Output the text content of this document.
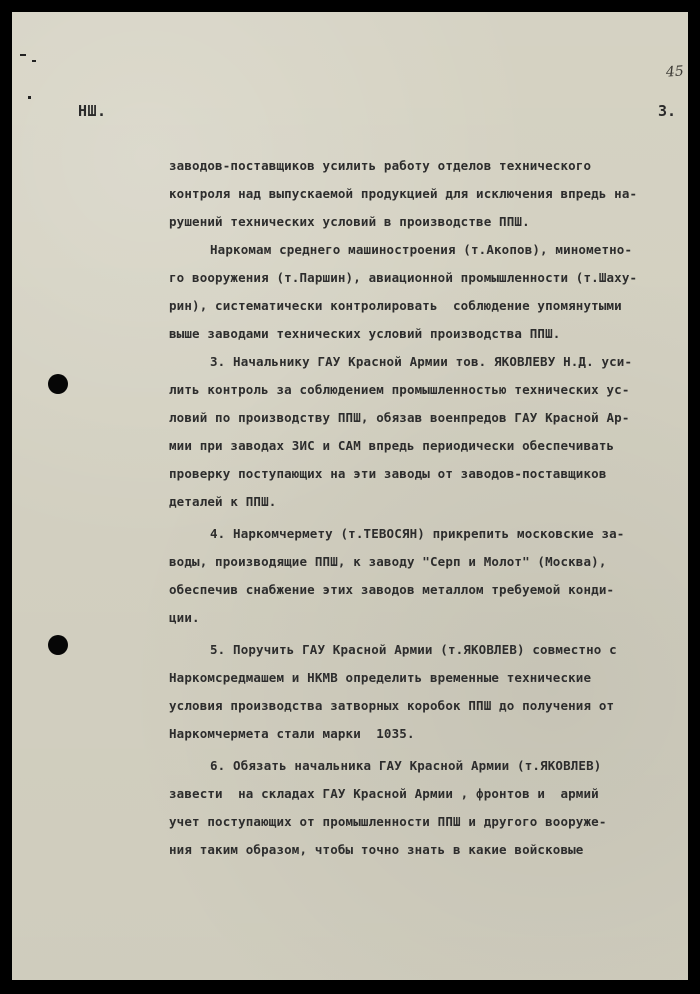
45
НШ.	3.
заводов-поставщиков усилить работу отделов технического
контроля над выпускаемой продукцией для исключения впредь на-
рушений технических условий в производстве ППШ.
Наркомам среднего машиностроения (т.Акопов), минометно-
го вооружения (т.Паршин), авиационной промышленности (т.Шаху-
рин), систематически контролировать  соблюдение упомянутыми
выше заводами технических условий производства ППШ.
3. Начальнику ГАУ Красной Армии тов. ЯКОВЛЕВУ Н.Д. уси-
лить контроль за соблюдением промышленностью технических ус-
ловий по производству ППШ, обязав военпредов ГАУ Красной Ар-
мии при заводах ЗИС и САМ впредь периодически обеспечивать
проверку поступающих на эти заводы от заводов-поставщиков
деталей к ППШ.
4. Наркомчермету (т.ТЕВОСЯН) прикрепить московские за-
воды, производящие ППШ, к заводу "Серп и Молот" (Москва),
обеспечив снабжение этих заводов металлом требуемой конди-
ции.
5. Поручить ГАУ Красной Армии (т.ЯКОВЛЕВ) совместно с
Наркомсредмашем и НКМВ определить временные технические
условия производства затворных коробок ППШ до получения от
Наркомчермета стали марки  1035.
6. Обязать начальника ГАУ Красной Армии (т.ЯКОВЛЕВ)
завести  на складах ГАУ Красной Армии , фронтов и  армий
учет поступающих от промышленности ППШ и другого вооруже-
ния таким образом, чтобы точно знать в какие войсковые
